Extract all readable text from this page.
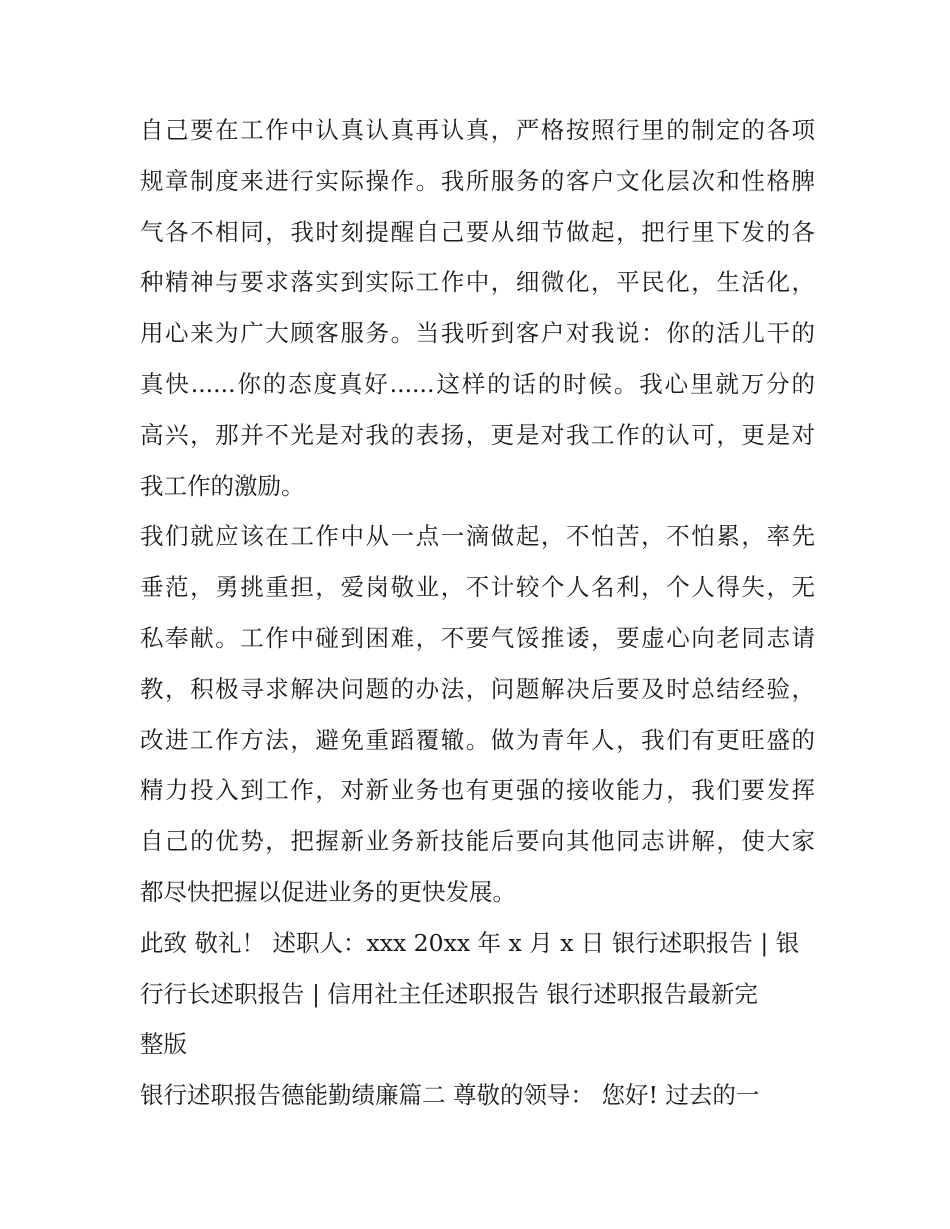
自己要在工作中认真认真再认真，严格按照行里的制定的各项
规章制度来进行实际操作。我所服务的客户文化层次和性格脾
气各不相同，我时刻提醒自己要从细节做起，把行里下发的各
种精神与要求落实到实际工作中，细微化，平民化，生活化，
用心来为广大顾客服务。当我听到客户对我说：你的活儿干的
真快......你的态度真好......这样的话的时候。我心里就万分的
高兴，那并不光是对我的表扬，更是对我工作的认可，更是对
我工作的激励。
我们就应该在工作中从一点一滴做起，不怕苦，不怕累，率先
垂范，勇挑重担，爱岗敬业，不计较个人名利，个人得失，无
私奉献。工作中碰到困难，不要气馁推诿，要虚心向老同志请
教，积极寻求解决问题的办法，问题解决后要及时总结经验，
改进工作方法，避免重蹈覆辙。做为青年人，我们有更旺盛的
精力投入到工作，对新业务也有更强的接收能力，我们要发挥
自己的优势，把握新业务新技能后要向其他同志讲解，使大家
都尽快把握以促进业务的更快发展。
此致 敬礼！ 述职人：xxx 20xx 年 x 月 x 日 银行述职报告 | 银
行行长述职报告 | 信用社主任述职报告 银行述职报告最新完
整版
银行述职报告德能勤绩廉篇二 尊敬的领导： 您好! 过去的一
